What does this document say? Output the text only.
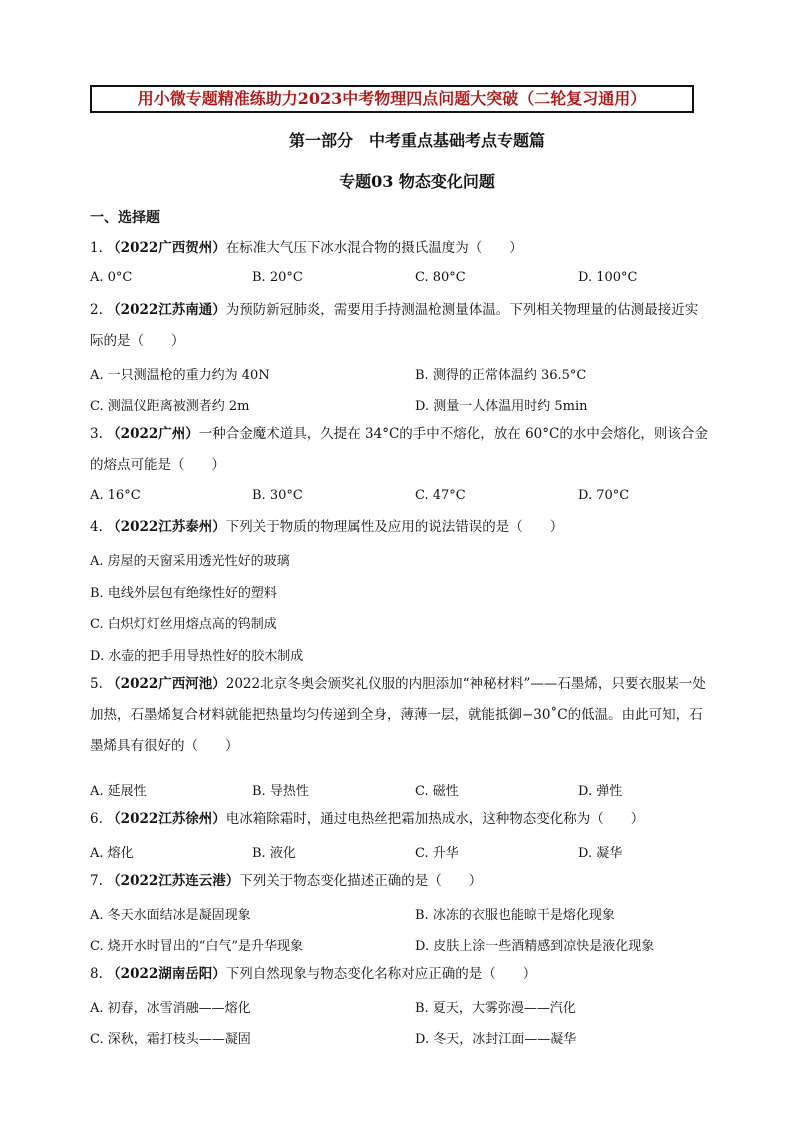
用小微专题精准练助力2023中考物理四点问题大突破（二轮复习通用）
第一部分　中考重点基础考点专题篇
专题03 物态变化问题
一、选择题
1. （2022广西贺州）在标准大气压下冰水混合物的摄氏温度为（　　）
A. 0°C	B. 20°C	C. 80°C	D. 100°C
2. （2022江苏南通）为预防新冠肺炎，需要用手持测温枪测量体温。下列相关物理量的估测最接近实际的是（　　）
A. 一只测温枪的重力约为 40N	B. 测得的正常体温约 36.5°C
C. 测温仪距离被测者约 2m	D. 测量一人体温用时约 5min
3. （2022广州）一种合金魔术道具，久提在 34°C的手中不熔化，放在 60°C的水中会熔化，则该合金的熔点可能是（　　）
A. 16°C	B. 30°C	C. 47°C	D. 70°C
4. （2022江苏泰州）下列关于物质的物理属性及应用的说法错误的是（　　）
A. 房屋的天窗采用透光性好的玻璃
B. 电线外层包有绝缘性好的塑料
C. 白炽灯灯丝用熔点高的钨制成
D. 水壶的把手用导热性好的胶木制成
5. （2022广西河池）2022北京冬奥会颁奖礼仪服的内胆添加“神秘材料”——石墨烯，只要衣服某一处加热，石墨烯复合材料就能把热量均匀传递到全身，薄薄一层，就能抵御−30˚C的低温。由此可知，石墨烯具有很好的（　　）
A. 延展性	B. 导热性	C. 磁性	D. 弹性
6. （2022江苏徐州）电冰箱除霜时，通过电热丝把霜加热成水，这种物态变化称为（　　）
A. 熔化	B. 液化	C. 升华	D. 凝华
7. （2022江苏连云港）下列关于物态变化描述正确的是（　　）
A. 冬天水面结冰是凝固现象	B. 冰冻的衣服也能晾干是熔化现象
C. 烧开水时冒出的“白气”是升华现象	D. 皮肤上涂一些酒精感到凉快是液化现象
8. （2022湖南岳阳）下列自然现象与物态变化名称对应正确的是（　　）
A. 初春，冰雪消融——熔化	B. 夏天，大雾弥漫——汽化
C. 深秋，霜打枝头——凝固	D. 冬天，冰封江面——凝华
